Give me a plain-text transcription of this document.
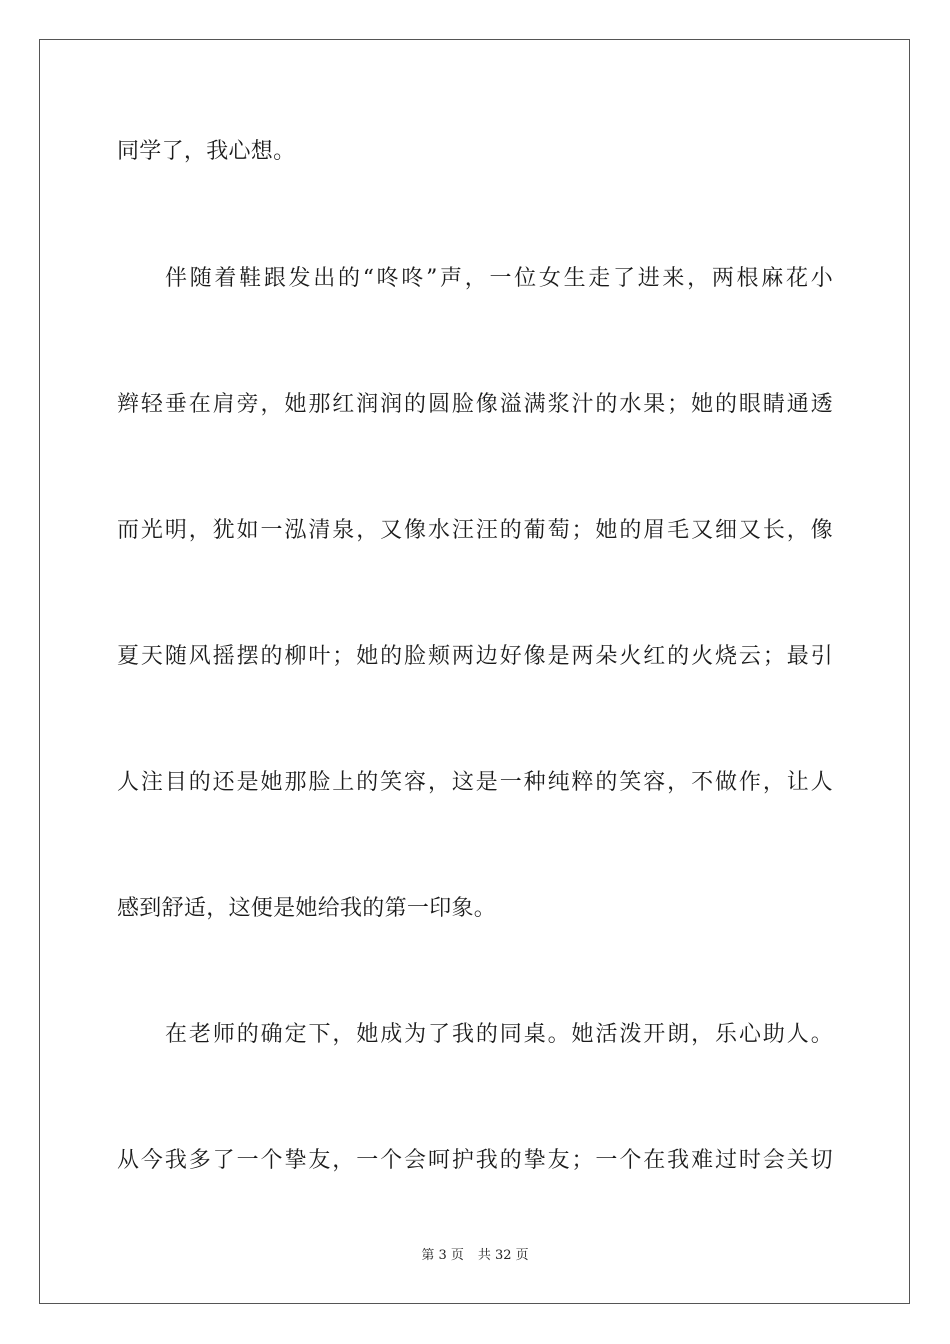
同学了，我心想。
伴随着鞋跟发出的“咚咚”声，一位女生走了进来，两根麻花小
辫轻垂在肩旁，她那红润润的圆脸像溢满浆汁的水果；她的眼睛通透
而光明，犹如一泓清泉，又像水汪汪的葡萄；她的眉毛又细又长，像
夏天随风摇摆的柳叶；她的脸颊两边好像是两朵火红的火烧云；最引
人注目的还是她那脸上的笑容，这是一种纯粹的笑容，不做作，让人
感到舒适，这便是她给我的第一印象。
在老师的确定下，她成为了我的同桌。她活泼开朗，乐心助人。
从今我多了一个挚友，一个会呵护我的挚友；一个在我难过时会关切
第 3 页 共 32 页
